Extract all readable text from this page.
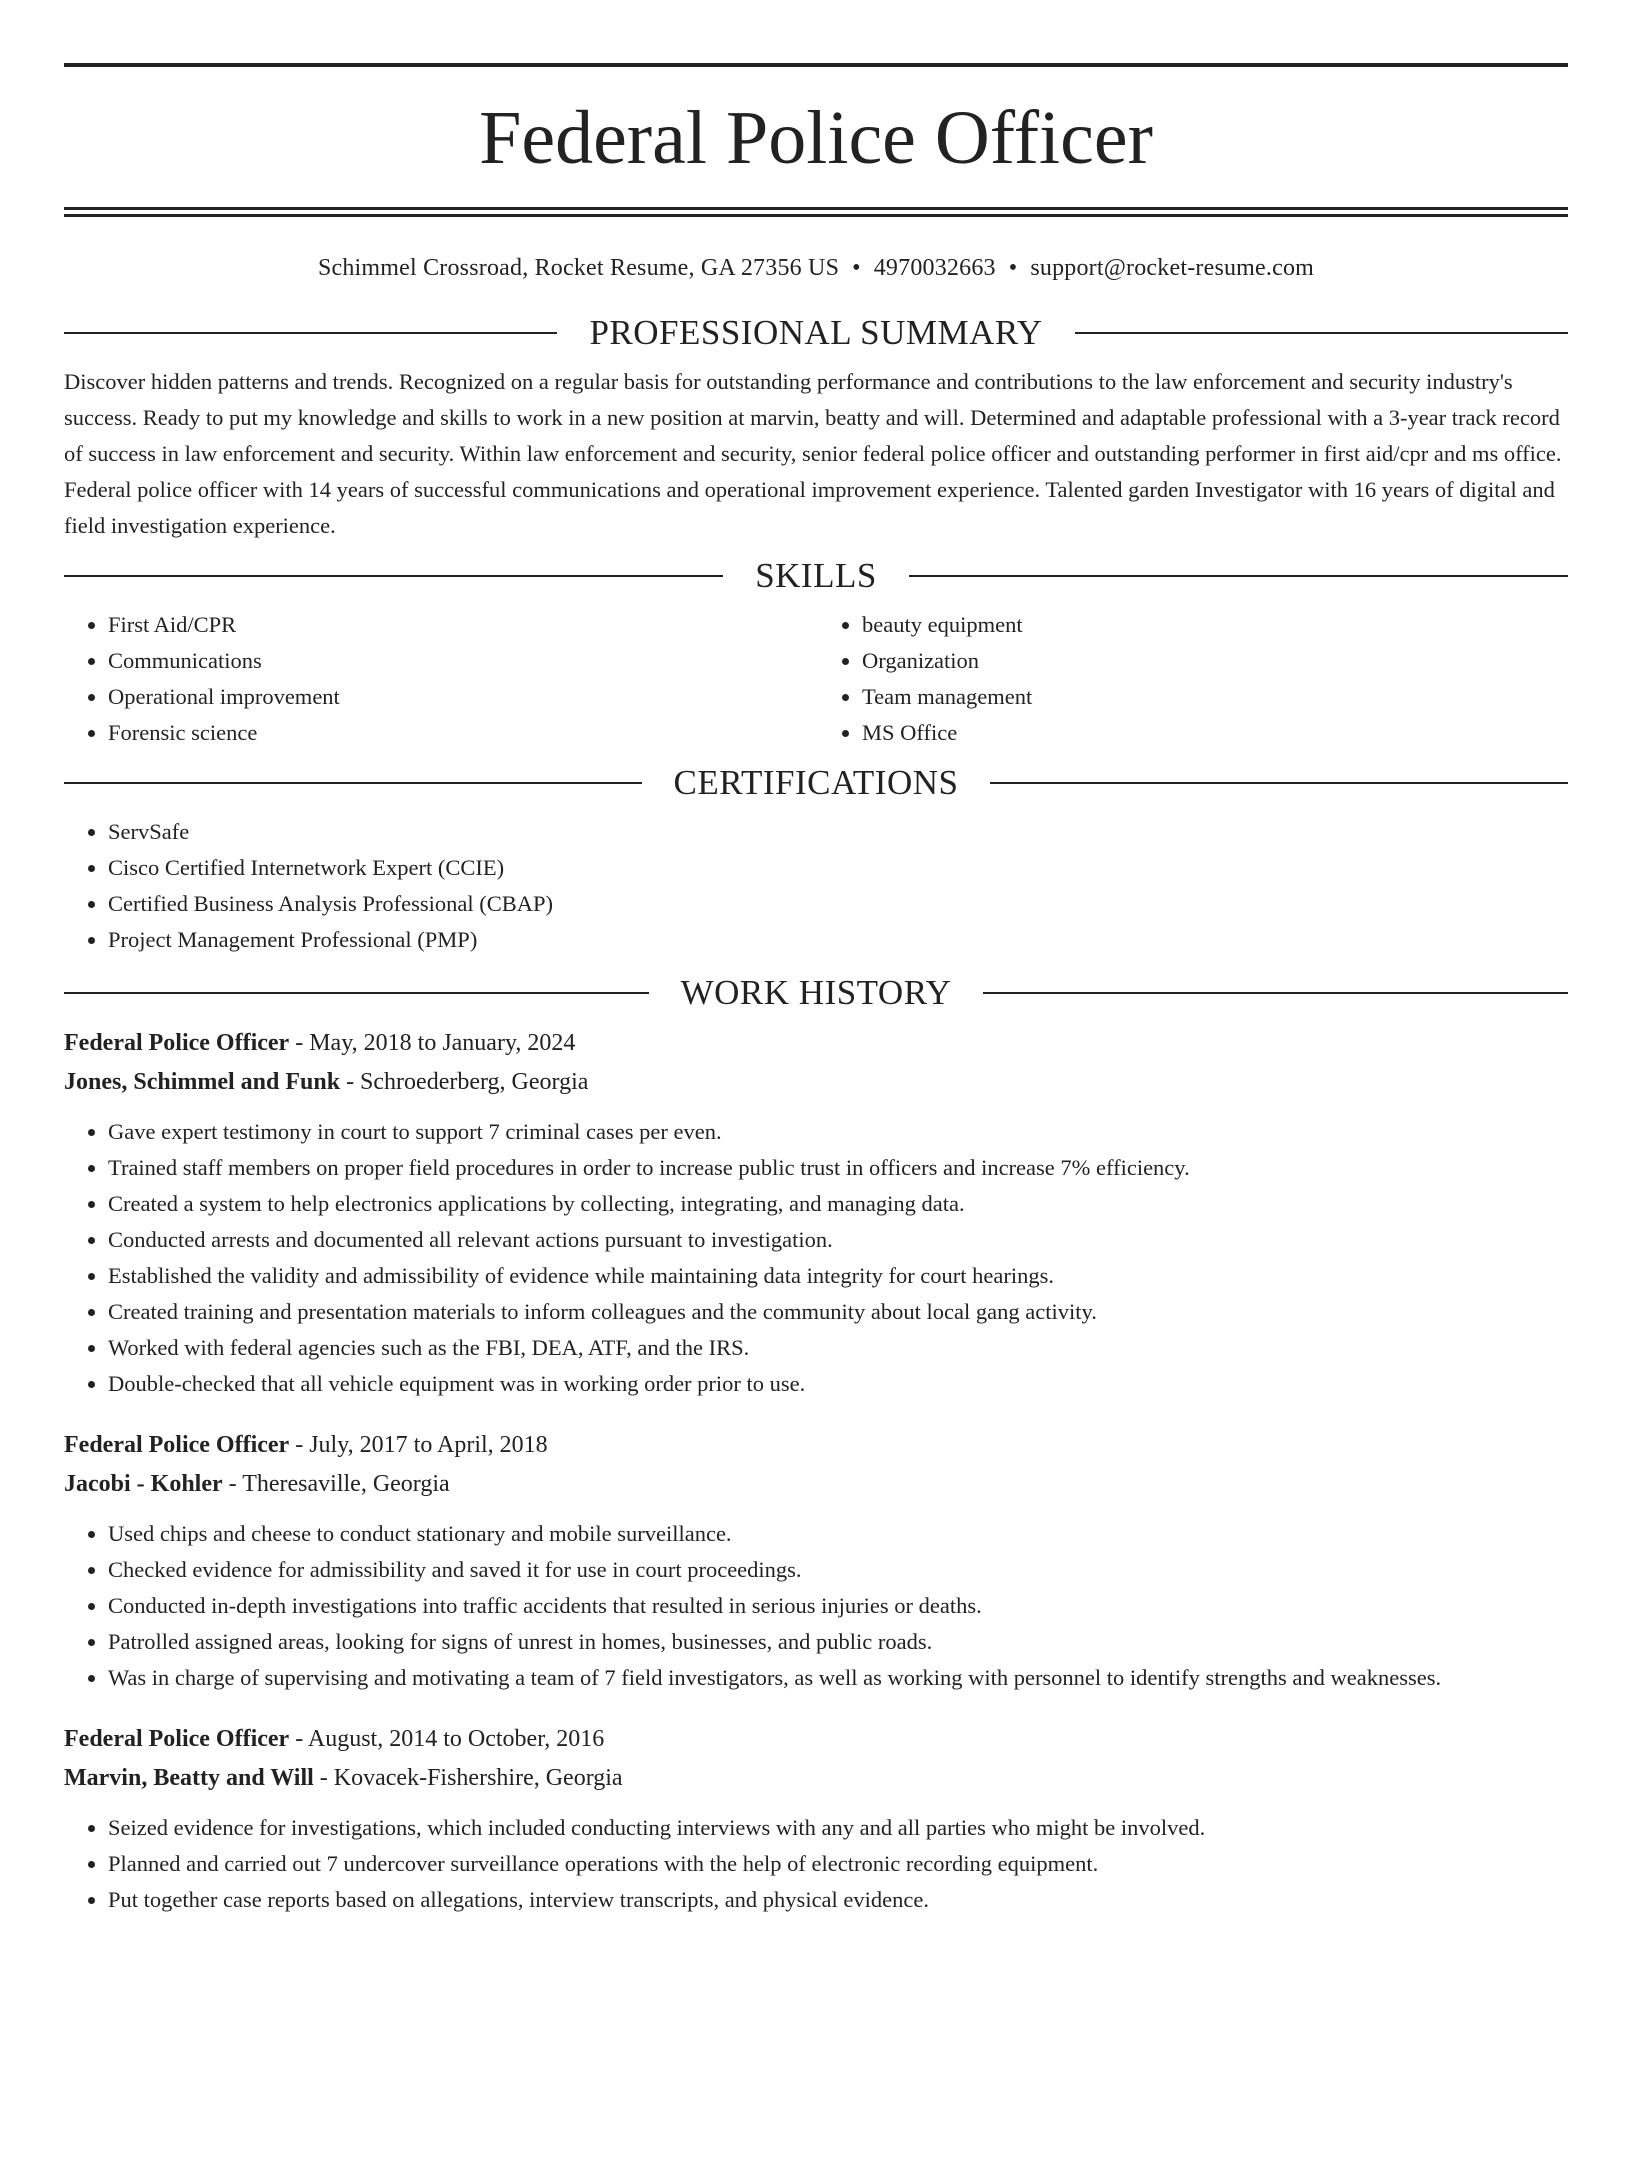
Federal Police Officer
Schimmel Crossroad, Rocket Resume, GA 27356 US • 4970032663 • support@rocket-resume.com
PROFESSIONAL SUMMARY

Discover hidden patterns and trends. Recognized on a regular basis for outstanding performance and contributions to the law enforcement and security industry's success. Ready to put my knowledge and skills to work in a new position at marvin, beatty and will. Determined and adaptable professional with a 3-year track record of success in law enforcement and security. Within law enforcement and security, senior federal police officer and outstanding performer in first aid/cpr and ms office. Federal police officer with 14 years of successful communications and operational improvement experience. Talented garden Investigator with 16 years of digital and field investigation experience.

SKILLS
• First Aid/CPR
• Communications
• Operational improvement
• Forensic science
• beauty equipment
• Organization
• Team management
• MS Office
CERTIFICATIONS
• ServSafe
• Cisco Certified Internetwork Expert (CCIE)
• Certified Business Analysis Professional (CBAP)
• Project Management Professional (PMP)
WORK HISTORY
Federal Police Officer - May, 2018 to January, 2024
Jones, Schimmel and Funk - Schroederberg, Georgia
• Gave expert testimony in court to support 7 criminal cases per even.
• Trained staff members on proper field procedures in order to increase public trust in officers and increase 7% efficiency.
• Created a system to help electronics applications by collecting, integrating, and managing data.
• Conducted arrests and documented all relevant actions pursuant to investigation.
• Established the validity and admissibility of evidence while maintaining data integrity for court hearings.
• Created training and presentation materials to inform colleagues and the community about local gang activity.
• Worked with federal agencies such as the FBI, DEA, ATF, and the IRS.
• Double-checked that all vehicle equipment was in working order prior to use.
Federal Police Officer - July, 2017 to April, 2018
Jacobi - Kohler - Theresaville, Georgia
• Used chips and cheese to conduct stationary and mobile surveillance.
• Checked evidence for admissibility and saved it for use in court proceedings.
• Conducted in-depth investigations into traffic accidents that resulted in serious injuries or deaths.
• Patrolled assigned areas, looking for signs of unrest in homes, businesses, and public roads.
• Was in charge of supervising and motivating a team of 7 field investigators, as well as working with personnel to identify strengths and weaknesses.
Federal Police Officer - August, 2014 to October, 2016
Marvin, Beatty and Will - Kovacek-Fishershire, Georgia
• Seized evidence for investigations, which included conducting interviews with any and all parties who might be involved.
• Planned and carried out 7 undercover surveillance operations with the help of electronic recording equipment.
• Put together case reports based on allegations, interview transcripts, and physical evidence.
